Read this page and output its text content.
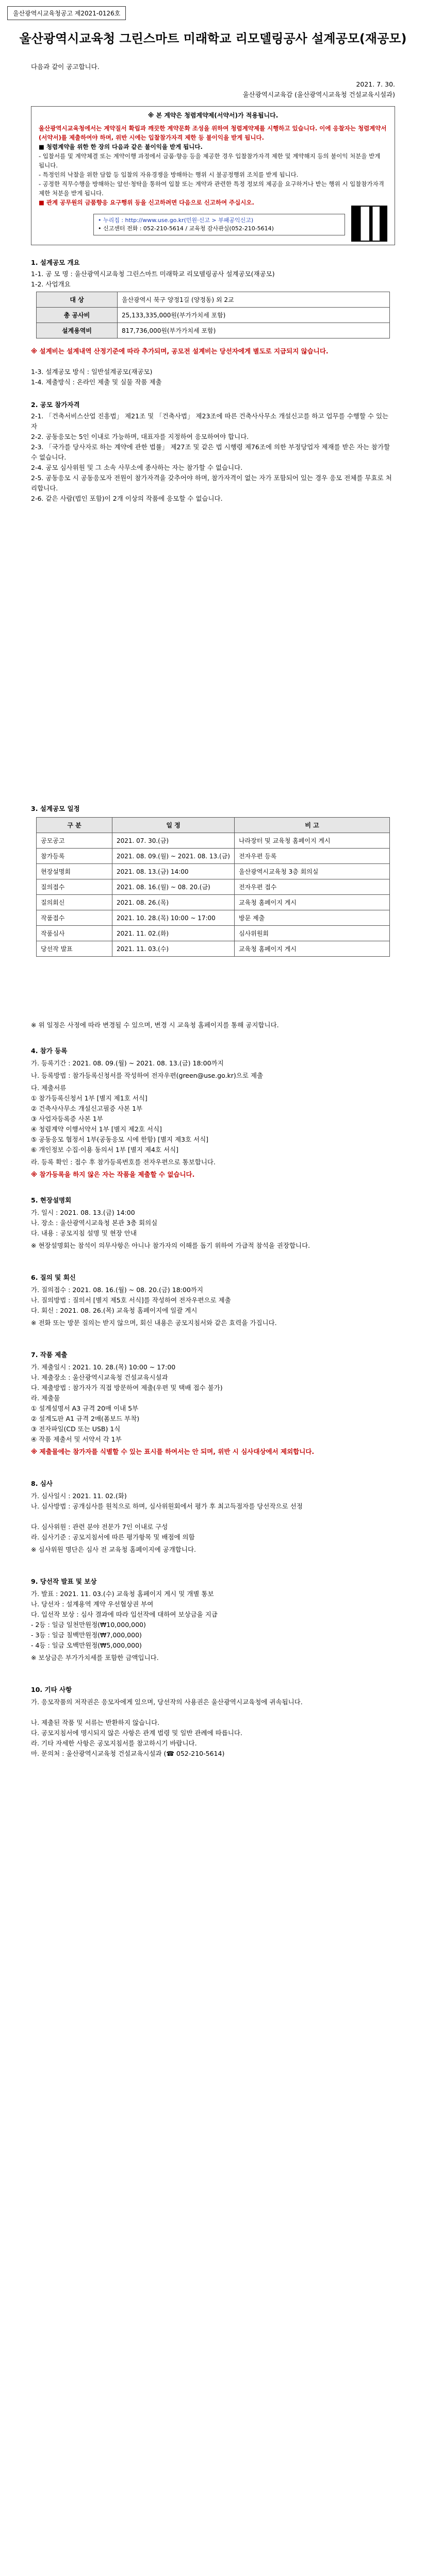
울산광역시교육청공고 제2021-0126호
울산광역시교육청 그린스마트 미래학교 리모델링공사 설계공모(재공모)
다음과 같이 공고합니다.
2021. 7. 30.
울산광역시교육감 (울산광역시교육청 건설교육시설과)
※ 본 계약은 청렴계약제(서약서)가 적용됩니다.

울산광역시교육청에서는 계약질서 확립과 깨끗한 계약문화 조성을 위하여 청렴계약제를 시행하고 있습니다. 이에 응찰자는 청렴계약서(서약서)를 제출하여야 하며, 위반 시에는 입찰참가자격 제한 등 불이익을 받게 됩니다.

■ 청렴계약을 위한 한 장의 다음과 같은 불이익을 받게 됩니다.

- 입찰서를 및 계약체결 또는 계약이행 과정에서 금품·향응 등을 제공한 경우 입찰참가자격 제한 및 계약해지 등의 불이익 처분을 받게 됩니다.

- 특정인의 낙찰을 위한 담합 등 입찰의 자유경쟁을 방해하는 행위 시 불공정행위 조치를 받게 됩니다.

- 공정한 직무수행을 방해하는 알선·청탁을 통하여 입찰 또는 계약과 관련한 특정 정보의 제공을 요구하거나 받는 행위 시 입찰참가자격 제한 처분을 받게 됩니다.

■ 관계 공무원의 금품향응 요구행위 등을 신고하려면 다음으로 신고하여 주십시오.

• 누리집 : http://www.use.go.kr(민원·신고 > 부패공익신고)
• 신고센터 전화 : 052-210-5614 / 교육청 감사관실(052-210-5614)
1. 설계공모 개요
1-1. 공 모 명 : 울산광역시교육청 그린스마트 미래학교 리모델링공사 설계공모(재공모)
1-2. 사업개요
대 상	울산광역시 북구 양정1길 (양정동) 외 2교
총 공사비	25,133,335,000원(부가가치세 포함)
설계용역비	817,736,000원(부가가치세 포함)
※ 설계비는 설계내역 산정기준에 따라 추가되며, 공모전 설계비는 당선자에게 별도로 지급되지 않습니다.
1-3. 설계공모 방식 : 일반설계공모(재공모)
1-4. 제출방식 : 온라인 제출 및 실물 작품 제출
2. 공모 참가자격
2-1. 「건축서비스산업 진흥법」 제21조 및 「건축사법」 제23조에 따른 건축사사무소 개설신고를 하고 업무를 수행할 수 있는 자
2-2. 공동응모는 5인 이내로 가능하며, 대표자를 지정하여 응모하여야 합니다.
2-3. 「국가를 당사자로 하는 계약에 관한 법률」 제27조 및 같은 법 시행령 제76조에 의한 부정당업자 제재를 받은 자는 참가할 수 없습니다.
2-4. 공모 심사위원 및 그 소속 사무소에 종사하는 자는 참가할 수 없습니다.
2-5. 공동응모 시 공동응모자 전원이 참가자격을 갖추어야 하며, 참가자격이 없는 자가 포함되어 있는 경우 응모 전체를 무효로 처리합니다.
2-6. 같은 사람(법인 포함)이 2개 이상의 작품에 응모할 수 없습니다.
3. 설계공모 일정
구 분	일 정	비 고
공모공고	2021. 07. 30.(금)	나라장터 및 교육청 홈페이지 게시
참가등록	2021. 08. 09.(월) ~ 2021. 08. 13.(금)	전자우편 등록
현장설명회	2021. 08. 13.(금) 14:00	울산광역시교육청 3층 회의실
질의접수	2021. 08. 16.(월) ~ 08. 20.(금)	전자우편 접수
질의회신	2021. 08. 26.(목)	교육청 홈페이지 게시
작품접수	2021. 10. 28.(목) 10:00 ~ 17:00	방문 제출
작품심사	2021. 11. 02.(화)	심사위원회
당선작 발표	2021. 11. 03.(수)	교육청 홈페이지 게시
※ 위 일정은 사정에 따라 변경될 수 있으며, 변경 시 교육청 홈페이지를 통해 공지합니다.
4. 참가 등록
가. 등록기간 : 2021. 08. 09.(월) ~ 2021. 08. 13.(금) 18:00까지
나. 등록방법 : 참가등록신청서를 작성하여 전자우편(green@use.go.kr)으로 제출
다. 제출서류
① 참가등록신청서 1부 [별지 제1호 서식]
② 건축사사무소 개설신고필증 사본 1부
③ 사업자등록증 사본 1부
④ 청렴계약 이행서약서 1부 [별지 제2호 서식]
⑤ 공동응모 협정서 1부(공동응모 시에 한함) [별지 제3호 서식]
⑥ 개인정보 수집·이용 동의서 1부 [별지 제4호 서식]
라. 등록 확인 : 접수 후 참가등록번호를 전자우편으로 통보합니다.
※ 참가등록을 하지 않은 자는 작품을 제출할 수 없습니다.
5. 현장설명회
가. 일시 : 2021. 08. 13.(금) 14:00
나. 장소 : 울산광역시교육청 본관 3층 회의실
다. 내용 : 공모지침 설명 및 현장 안내
※ 현장설명회는 참석이 의무사항은 아니나 참가자의 이해를 돕기 위하여 가급적 참석을 권장합니다.
6. 질의 및 회신
가. 질의접수 : 2021. 08. 16.(월) ~ 08. 20.(금) 18:00까지
나. 질의방법 : 질의서 [별지 제5호 서식]를 작성하여 전자우편으로 제출
다. 회신 : 2021. 08. 26.(목) 교육청 홈페이지에 일괄 게시
※ 전화 또는 방문 질의는 받지 않으며, 회신 내용은 공모지침서와 같은 효력을 가집니다.
7. 작품 제출
가. 제출일시 : 2021. 10. 28.(목) 10:00 ~ 17:00
나. 제출장소 : 울산광역시교육청 건설교육시설과
다. 제출방법 : 참가자가 직접 방문하여 제출(우편 및 택배 접수 불가)
라. 제출물
① 설계설명서 A3 규격 20매 이내 5부
② 설계도판 A1 규격 2매(폼보드 부착)
③ 전자파일(CD 또는 USB) 1식
④ 작품 제출서 및 서약서 각 1부
※ 제출물에는 참가자를 식별할 수 있는 표시를 하여서는 안 되며, 위반 시 심사대상에서 제외합니다.
8. 심사
가. 심사일시 : 2021. 11. 02.(화)
나. 심사방법 : 공개심사를 원칙으로 하며, 심사위원회에서 평가 후 최고득점자를 당선작으로 선정
다. 심사위원 : 관련 분야 전문가 7인 이내로 구성
라. 심사기준 : 공모지침서에 따른 평가항목 및 배점에 의함
※ 심사위원 명단은 심사 전 교육청 홈페이지에 공개합니다.
9. 당선작 발표 및 보상
가. 발표 : 2021. 11. 03.(수) 교육청 홈페이지 게시 및 개별 통보
나. 당선자 : 설계용역 계약 우선협상권 부여
다. 입선작 보상 : 심사 결과에 따라 입선작에 대하여 보상금을 지급
- 2등 : 일금 일천만원정(₩10,000,000)
- 3등 : 일금 칠백만원정(₩7,000,000)
- 4등 : 일금 오백만원정(₩5,000,000)
※ 보상금은 부가가치세를 포함한 금액입니다.
10. 기타 사항
가. 응모작품의 저작권은 응모자에게 있으며, 당선작의 사용권은 울산광역시교육청에 귀속됩니다.
나. 제출된 작품 및 서류는 반환하지 않습니다.
다. 공모지침서에 명시되지 않은 사항은 관계 법령 및 일반 관례에 따릅니다.
라. 기타 자세한 사항은 공모지침서를 참고하시기 바랍니다.
마. 문의처 : 울산광역시교육청 건설교육시설과 (☎ 052-210-5614)
